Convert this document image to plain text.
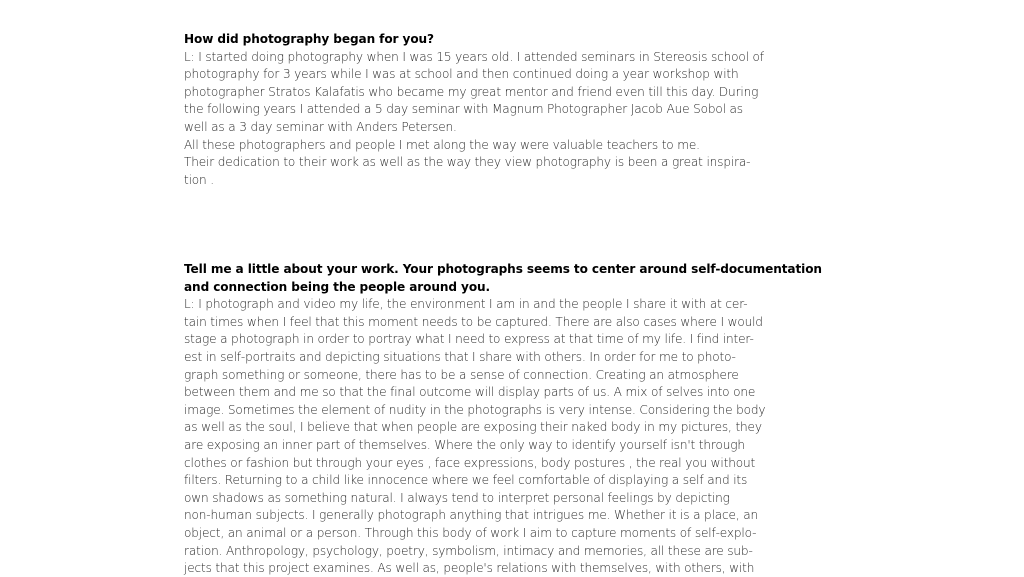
How did photography began for you?

L: I started doing photography when I was 15 years old. I attended seminars in Stereosis school of

photography for 3 years while I was at school and then continued doing a year workshop with

photographer Stratos Kalafatis who became my great mentor and friend even till this day. During

the following years I attended a 5 day seminar with Magnum Photographer Jacob Aue Sobol as

well as a 3 day seminar with Anders Petersen.

All these photographers and people I met along the way were valuable teachers to me.

Their dedication to their work as well as the way they view photography is been a great inspira-

tion .

Tell me a little about your work. Your photographs seems to center around self-documentation

and connection being the people around you.

L: I photograph and video my life, the environment I am in and the people I share it with at cer-

tain times when I feel that this moment needs to be captured. There are also cases where I would

stage a photograph in order to portray what I need to express at that time of my life. I find inter-

est in self-portraits and depicting situations that I share with others. In order for me to photo-

graph something or someone, there has to be a sense of connection. Creating an atmosphere

between them and me so that the final outcome will display parts of us. A mix of selves into one

image. Sometimes the element of nudity in the photographs is very intense. Considering the body

as well as the soul, I believe that when people are exposing their naked body in my pictures, they

are exposing an inner part of themselves. Where the only way to identify yourself isn't through

clothes or fashion but through your eyes , face expressions, body postures , the real you without

filters. Returning to a child like innocence where we feel comfortable of displaying a self and its

own shadows as something natural. I always tend to interpret personal feelings by depicting

non-human subjects. I generally photograph anything that intrigues me. Whether it is a place, an

object, an animal or a person. Through this body of work I aim to capture moments of self-explo-

ration. Anthropology, psychology, poetry, symbolism, intimacy and memories, all these are sub-

jects that this project examines. As well as, people's relations with themselves, with others, with
